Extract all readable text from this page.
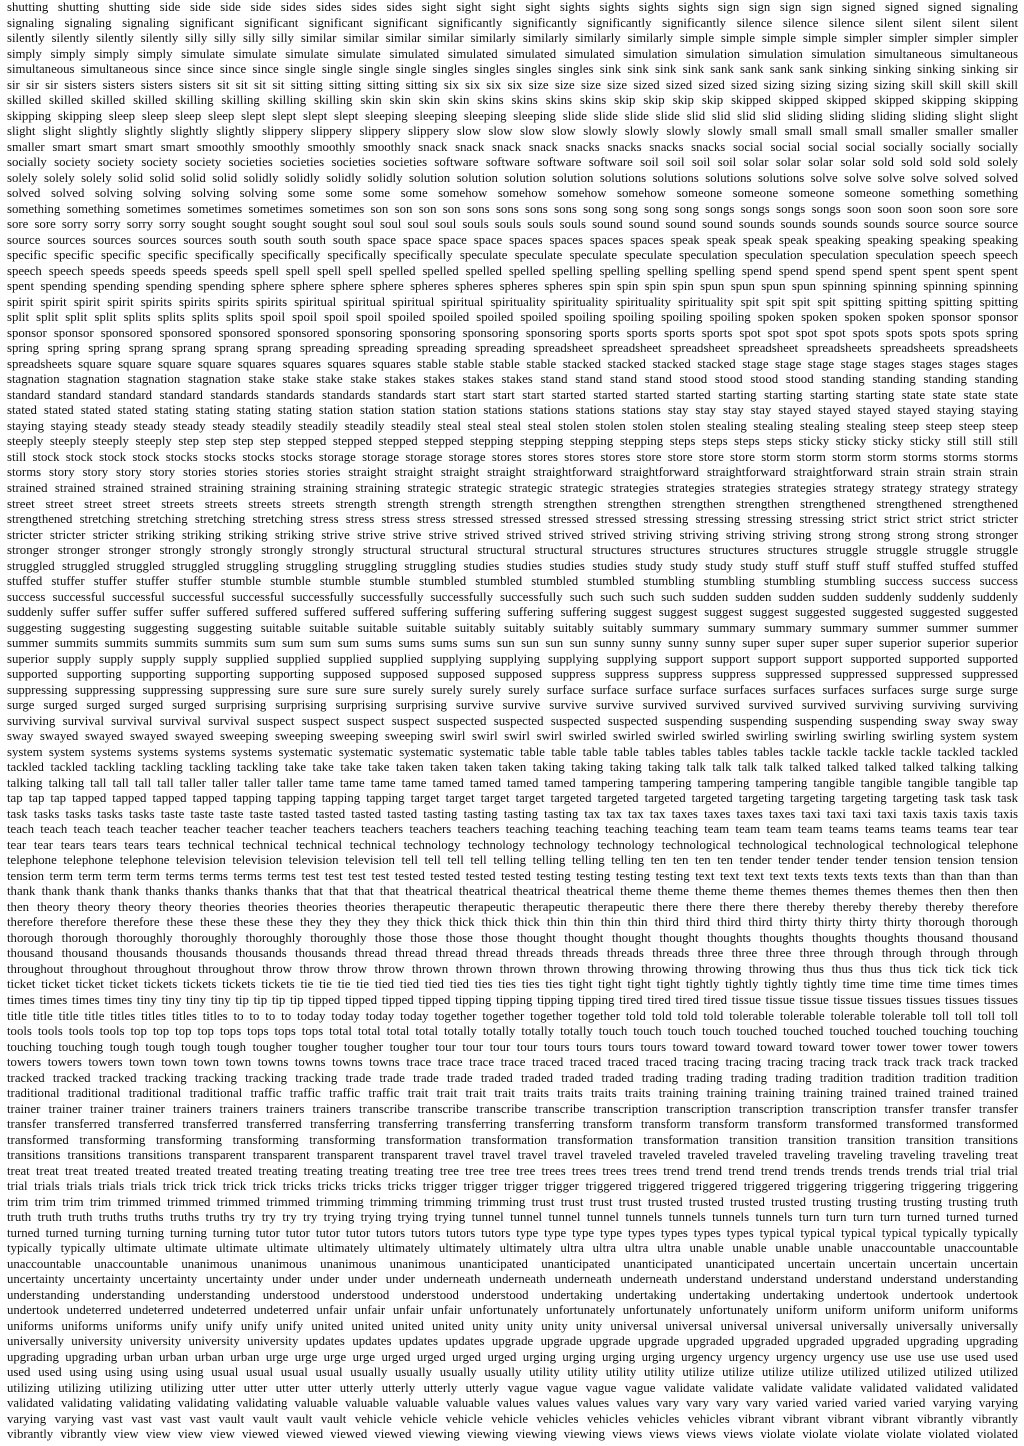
shutting shutting shutting side side side side sides sides sides sides sight sight sight sight sights sights sights sights sign sign sign sign signed signed signed signaling
signaling signaling signaling significant significant significant significant significantly significantly significantly significantly silence silence silence silent silent silent silent
silently silently silently silently silly silly silly silly similar similar similar similar similarly similarly similarly similarly simple simple simple simple simpler simpler simpler simpler
simply simply simply simply simulate simulate simulate simulate simulated simulated simulated simulated simulation simulation simulation simulation simultaneous simultaneous
simultaneous simultaneous since since since since single single single single singles singles singles singles sink sink sink sink sank sank sank sank sinking sinking sinking sinking sir
sir sir sir sisters sisters sisters sisters sit sit sit sit sitting sitting sitting sitting six six six six size size size size sized sized sized sized sizing sizing sizing sizing skill skill skill skill
skilled skilled skilled skilled skilling skilling skilling skilling skin skin skin skin skins skins skins skins skip skip skip skip skipped skipped skipped skipped skipping skipping
skipping skipping sleep sleep sleep sleep slept slept slept slept sleeping sleeping sleeping sleeping slide slide slide slide slid slid slid slid sliding sliding sliding sliding slight slight
slight slight slightly slightly slightly slightly slippery slippery slippery slippery slow slow slow slow slowly slowly slowly slowly small small small small smaller smaller smaller
smaller smart smart smart smart smoothly smoothly smoothly smoothly snack snack snack snack snacks snacks snacks snacks social social social social socially socially socially
socially society society society society societies societies societies societies software software software software soil soil soil soil solar solar solar solar sold sold sold sold solely
solely solely solely solid solid solid solid solidly solidly solidly solidly solution solution solution solution solutions solutions solutions solutions solve solve solve solve solved solved
solved solved solving solving solving solving some some some some somehow somehow somehow somehow someone someone someone someone something something
something something sometimes sometimes sometimes sometimes son son son son sons sons sons sons song song song song songs songs songs songs soon soon soon soon sore sore
sore sore sorry sorry sorry sorry sought sought sought sought soul soul soul soul souls souls souls souls sound sound sound sound sounds sounds sounds sounds source source source
source sources sources sources sources south south south south space space space space spaces spaces spaces spaces speak speak speak speak speaking speaking speaking speaking
specific specific specific specific specifically specifically specifically specifically speculate speculate speculate speculate speculation speculation speculation speculation speech speech
speech speech speeds speeds speeds speeds spell spell spell spell spelled spelled spelled spelled spelling spelling spelling spelling spend spend spend spend spent spent spent spent
spent spending spending spending spending sphere sphere sphere sphere spheres spheres spheres spheres spin spin spin spin spun spun spun spun spinning spinning spinning spinning
spirit spirit spirit spirit spirits spirits spirits spirits spiritual spiritual spiritual spiritual spirituality spirituality spirituality spirituality spit spit spit spit spitting spitting spitting spitting
split split split split splits splits splits splits spoil spoil spoil spoil spoiled spoiled spoiled spoiled spoiling spoiling spoiling spoiling spoken spoken spoken spoken sponsor sponsor
sponsor sponsor sponsored sponsored sponsored sponsored sponsoring sponsoring sponsoring sponsoring sports sports sports sports spot spot spot spot spots spots spots spots spring
spring spring spring sprang sprang sprang sprang spreading spreading spreading spreading spreadsheet spreadsheet spreadsheet spreadsheet spreadsheets spreadsheets spreadsheets
spreadsheets square square square square squares squares squares squares stable stable stable stable stacked stacked stacked stacked stage stage stage stage stages stages stages stages
stagnation stagnation stagnation stagnation stake stake stake stake stakes stakes stakes stakes stand stand stand stand stood stood stood stood standing standing standing standing
standard standard standard standard standards standards standards standards start start start start started started started started starting starting starting starting state state state state
stated stated stated stated stating stating stating stating station station station station stations stations stations stations stay stay stay stay stayed stayed stayed stayed staying staying
staying staying steady steady steady steady steadily steadily steadily steadily steal steal steal steal stolen stolen stolen stolen stealing stealing stealing stealing steep steep steep steep
steeply steeply steeply steeply step step step step stepped stepped stepped stepped stepping stepping stepping stepping steps steps steps steps sticky sticky sticky sticky still still still
still stock stock stock stock stocks stocks stocks stocks storage storage storage storage stores stores stores stores store store store store storm storm storm storm storms storms storms
storms story story story story stories stories stories stories straight straight straight straight straightforward straightforward straightforward straightforward strain strain strain strain
strained strained strained strained straining straining straining straining strategic strategic strategic strategic strategies strategies strategies strategies strategy strategy strategy strategy
street street street street streets streets streets streets strength strength strength strength strengthen strengthen strengthen strengthen strengthened strengthened strengthened
strengthened stretching stretching stretching stretching stress stress stress stress stressed stressed stressed stressed stressing stressing stressing stressing strict strict strict strict stricter
stricter stricter stricter striking striking striking striking strive strive strive strive strived strived strived strived striving striving striving striving strong strong strong strong stronger
stronger stronger stronger strongly strongly strongly strongly structural structural structural structural structures structures structures structures struggle struggle struggle struggle
struggled struggled struggled struggled struggling struggling struggling struggling studies studies studies studies study study study study stuff stuff stuff stuff stuffed stuffed stuffed
stuffed stuffer stuffer stuffer stuffer stumble stumble stumble stumble stumbled stumbled stumbled stumbled stumbling stumbling stumbling stumbling success success success
success successful successful successful successful successfully successfully successfully successfully such such such such sudden sudden sudden sudden suddenly suddenly suddenly
suddenly suffer suffer suffer suffer suffered suffered suffered suffered suffering suffering suffering suffering suggest suggest suggest suggest suggested suggested suggested suggested
suggesting suggesting suggesting suggesting suitable suitable suitable suitable suitably suitably suitably suitably summary summary summary summary summer summer summer
summer summits summits summits summits sum sum sum sum sums sums sums sums sun sun sun sun sunny sunny sunny sunny super super super super superior superior superior
superior supply supply supply supply supplied supplied supplied supplied supplying supplying supplying supplying support support support support supported supported supported
supported supporting supporting supporting supporting supposed supposed supposed supposed suppress suppress suppress suppress suppressed suppressed suppressed suppressed
suppressing suppressing suppressing suppressing sure sure sure sure surely surely surely surely surface surface surface surface surfaces surfaces surfaces surfaces surge surge surge
surge surged surged surged surged surprising surprising surprising surprising survive survive survive survive survived survived survived survived surviving surviving surviving
surviving survival survival survival survival suspect suspect suspect suspect suspected suspected suspected suspected suspending suspending suspending suspending sway sway sway
sway swayed swayed swayed swayed sweeping sweeping sweeping sweeping swirl swirl swirl swirl swirled swirled swirled swirled swirling swirling swirling swirling system system
system system systems systems systems systems systematic systematic systematic systematic table table table table tables tables tables tables tackle tackle tackle tackle tackled tackled
tackled tackled tackling tackling tackling tackling take take take take taken taken taken taken taking taking taking taking talk talk talk talk talked talked talked talked talking talking
talking talking tall tall tall tall taller taller taller taller tame tame tame tame tamed tamed tamed tamed tampering tampering tampering tampering tangible tangible tangible tangible tap
tap tap tap tapped tapped tapped tapped tapping tapping tapping tapping target target target target targeted targeted targeted targeted targeting targeting targeting targeting task task task
task tasks tasks tasks tasks taste taste taste taste tasted tasted tasted tasted tasting tasting tasting tasting tax tax tax tax taxes taxes taxes taxes taxi taxi taxi taxi taxis taxis taxis taxis
teach teach teach teach teacher teacher teacher teacher teachers teachers teachers teachers teaching teaching teaching teaching team team team team teams teams teams teams tear tear
tear tear tears tears tears tears technical technical technical technical technology technology technology technology technological technological technological technological telephone
telephone telephone telephone television television television television tell tell tell tell telling telling telling telling ten ten ten ten tender tender tender tender tension tension tension
tension term term term term terms terms terms terms test test test test tested tested tested tested testing testing testing testing text text text text texts texts texts texts than than than than
thank thank thank thank thanks thanks thanks thanks that that that that theatrical theatrical theatrical theatrical theme theme theme theme themes themes themes themes then then then
then theory theory theory theory theories theories theories theories therapeutic therapeutic therapeutic therapeutic there there there there thereby thereby thereby thereby therefore
therefore therefore therefore these these these these they they they they thick thick thick thick thin thin thin thin third third third third thirty thirty thirty thirty thorough thorough
thorough thorough thoroughly thoroughly thoroughly thoroughly those those those those thought thought thought thought thoughts thoughts thoughts thoughts thousand thousand
thousand thousand thousands thousands thousands thousands thread thread thread thread threads threads threads threads three three three three through through through through
throughout throughout throughout throughout throw throw throw throw thrown thrown thrown thrown throwing throwing throwing throwing thus thus thus thus tick tick tick tick
ticket ticket ticket ticket tickets tickets tickets tickets tie tie tie tie tied tied tied tied ties ties ties ties tight tight tight tight tightly tightly tightly tightly time time time time times times
times times times times tiny tiny tiny tiny tip tip tip tip tipped tipped tipped tipped tipping tipping tipping tipping tired tired tired tired tissue tissue tissue tissue tissues tissues tissues tissues
title title title title titles titles titles titles to to to to today today today today together together together together told told told told tolerable tolerable tolerable tolerable toll toll toll toll
tools tools tools tools top top top top tops tops tops tops total total total total totally totally totally totally touch touch touch touch touched touched touched touched touching touching
touching touching tough tough tough tough tougher tougher tougher tougher tour tour tour tour tours tours tours tours toward toward toward toward tower tower tower tower towers
towers towers towers town town town town towns towns towns towns trace trace trace trace traced traced traced traced tracing tracing tracing tracing track track track track tracked
tracked tracked tracked tracking tracking tracking tracking trade trade trade trade traded traded traded traded trading trading trading trading tradition tradition tradition tradition
traditional traditional traditional traditional traffic traffic traffic traffic trait trait trait trait traits traits traits traits training training training training trained trained trained trained
trainer trainer trainer trainer trainers trainers trainers trainers transcribe transcribe transcribe transcribe transcription transcription transcription transcription transfer transfer transfer
transfer transferred transferred transferred transferred transferring transferring transferring transferring transform transform transform transform transformed transformed transformed
transformed transforming transforming transforming transforming transformation transformation transformation transformation transition transition transition transition transitions
transitions transitions transitions transparent transparent transparent transparent travel travel travel travel traveled traveled traveled traveled traveling traveling traveling traveling treat
treat treat treat treated treated treated treated treating treating treating treating tree tree tree tree trees trees trees trees trend trend trend trend trends trends trends trends trial trial trial
trial trials trials trials trials trick trick trick trick tricks tricks tricks tricks trigger trigger trigger trigger triggered triggered triggered triggered triggering triggering triggering triggering
trim trim trim trim trimmed trimmed trimmed trimmed trimming trimming trimming trimming trust trust trust trust trusted trusted trusted trusted trusting trusting trusting trusting truth
truth truth truth truths truths truths truths try try try try trying trying trying trying tunnel tunnel tunnel tunnel tunnels tunnels tunnels tunnels turn turn turn turn turned turned turned
turned turned turning turning turning turning tutor tutor tutor tutor tutors tutors tutors tutors type type type type types types types types typical typical typical typical typically typically
typically typically ultimate ultimate ultimate ultimate ultimately ultimately ultimately ultimately ultra ultra ultra ultra unable unable unable unable unaccountable unaccountable
unaccountable unaccountable unanimous unanimous unanimous unanimous unanticipated unanticipated unanticipated unanticipated uncertain uncertain uncertain uncertain
uncertainty uncertainty uncertainty uncertainty under under under under underneath underneath underneath underneath understand understand understand understand understanding
understanding understanding understanding understood understood understood understood undertaking undertaking undertaking undertaking undertook undertook undertook
undertook undeterred undeterred undeterred undeterred unfair unfair unfair unfair unfortunately unfortunately unfortunately unfortunately uniform uniform uniform uniform uniforms
uniforms uniforms uniforms unify unify unify unify united united united united unity unity unity unity universal universal universal universal universally universally universally
universally university university university university updates updates updates updates upgrade upgrade upgrade upgrade upgraded upgraded upgraded upgraded upgrading upgrading
upgrading upgrading urban urban urban urban urge urge urge urge urged urged urged urged urging urging urging urging urgency urgency urgency urgency use use use use used used
used used using using using using usual usual usual usual usually usually usually usually utility utility utility utility utilize utilize utilize utilize utilized utilized utilized utilized
utilizing utilizing utilizing utilizing utter utter utter utter utterly utterly utterly utterly vague vague vague vague validate validate validate validate validated validated validated
validated validating validating validating validating valuable valuable valuable valuable values values values values vary vary vary vary varied varied varied varied varying varying
varying varying vast vast vast vast vault vault vault vault vehicle vehicle vehicle vehicle vehicles vehicles vehicles vehicles vibrant vibrant vibrant vibrant vibrantly vibrantly
vibrantly vibrantly view view view view viewed viewed viewed viewed viewing viewing viewing viewing views views views views violate violate violate violate violated violated
